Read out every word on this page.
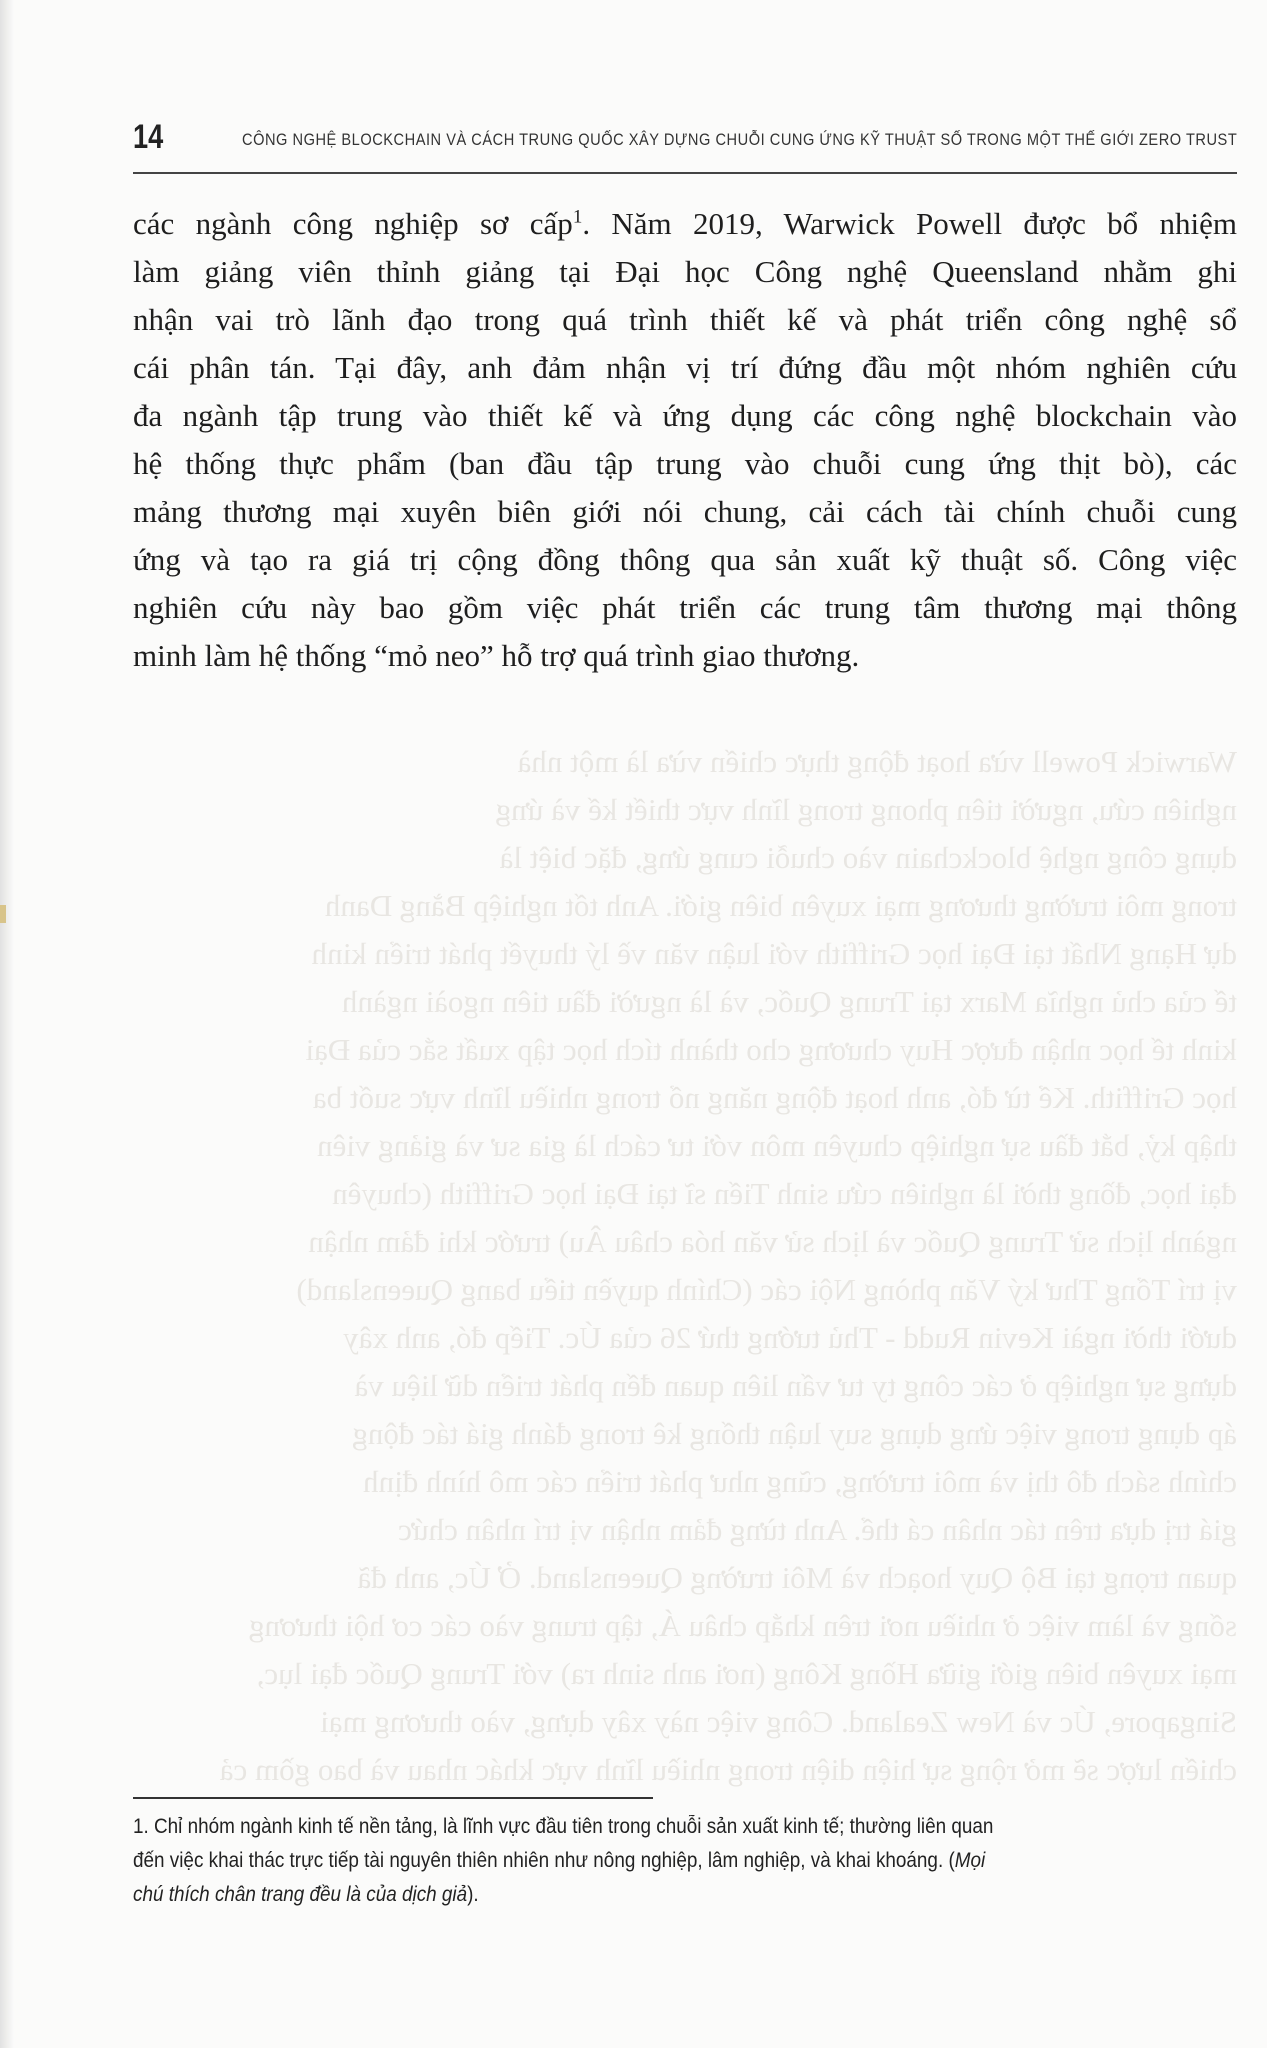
14	CÔNG NGHỆ BLOCKCHAIN VÀ CÁCH TRUNG QUỐC XÂY DỰNG CHUỖI CUNG ỨNG KỸ THUẬT SỐ TRONG MỘT THẾ GIỚI ZERO TRUST
Warwick Powell vừa hoạt động thực chiến vừa là một nhà
nghiên cứu, người tiên phong trong lĩnh vực thiết kế và ứng
dụng công nghệ blockchain vào chuỗi cung ứng, đặc biệt là
trong môi trường thương mại xuyên biên giới. Anh tốt nghiệp Bằng Danh
dự Hạng Nhất tại Đại học Griffith với luận văn về lý thuyết phát triển kinh
tế của chủ nghĩa Marx tại Trung Quốc, và là người đầu tiên ngoài ngành
kinh tế học nhận được Huy chương cho thành tích học tập xuất sắc của Đại
học Griffith. Kể từ đó, anh hoạt động năng nổ trong nhiều lĩnh vực suốt ba
thập kỷ, bắt đầu sự nghiệp chuyên môn với tư cách là gia sư và giảng viên
đại học, đồng thời là nghiên cứu sinh Tiến sĩ tại Đại học Griffith (chuyên
ngành lịch sử Trung Quốc và lịch sử văn hóa châu Âu) trước khi đảm nhận
vị trí Tổng Thư ký Văn phòng Nội các (Chính quyền tiểu bang Queensland)
dưới thời ngài Kevin Rudd - Thủ tướng thứ 26 của Úc. Tiếp đó, anh xây
dựng sự nghiệp ở các công ty tư vấn liên quan đến phát triển dữ liệu và
áp dụng trong việc ứng dụng suy luận thống kê trong đánh giá tác động
chính sách đô thị và môi trường, cũng như phát triển các mô hình định
giá trị dựa trên tác nhân cá thể. Anh từng đảm nhận vị trí nhân chức
quan trọng tại Bộ Quy hoạch và Môi trường Queensland. Ở Úc, anh đã
sống và làm việc ở nhiều nơi trên khắp châu Á, tập trung vào các cơ hội thương
mại xuyên biên giới giữa Hồng Kông (nơi anh sinh ra) với Trung Quốc đại lục,
Singapore, Úc và New Zealand. Công việc này xây dựng, vào thương mại
chiến lược sẽ mở rộng sự hiện diện trong nhiều lĩnh vực khác nhau và bao gồm cả
các ngành công nghiệp sơ cấp$^1$. Năm 2019, Warwick Powell được bổ nhiệm
làm giảng viên thỉnh giảng tại Đại học Công nghệ Queensland nhằm ghi
nhận vai trò lãnh đạo trong quá trình thiết kế và phát triển công nghệ sổ
cái phân tán. Tại đây, anh đảm nhận vị trí đứng đầu một nhóm nghiên cứu
đa ngành tập trung vào thiết kế và ứng dụng các công nghệ blockchain vào
hệ thống thực phẩm (ban đầu tập trung vào chuỗi cung ứng thịt bò), các
mảng thương mại xuyên biên giới nói chung, cải cách tài chính chuỗi cung
ứng và tạo ra giá trị cộng đồng thông qua sản xuất kỹ thuật số. Công việc
nghiên cứu này bao gồm việc phát triển các trung tâm thương mại thông
minh làm hệ thống “mỏ neo” hỗ trợ quá trình giao thương.
1. Chỉ nhóm ngành kinh tế nền tảng, là lĩnh vực đầu tiên trong chuỗi sản xuất kinh tế; thường liên quan
đến việc khai thác trực tiếp tài nguyên thiên nhiên như nông nghiệp, lâm nghiệp, và khai khoáng. (Mọi
chú thích chân trang đều là của dịch giả).
